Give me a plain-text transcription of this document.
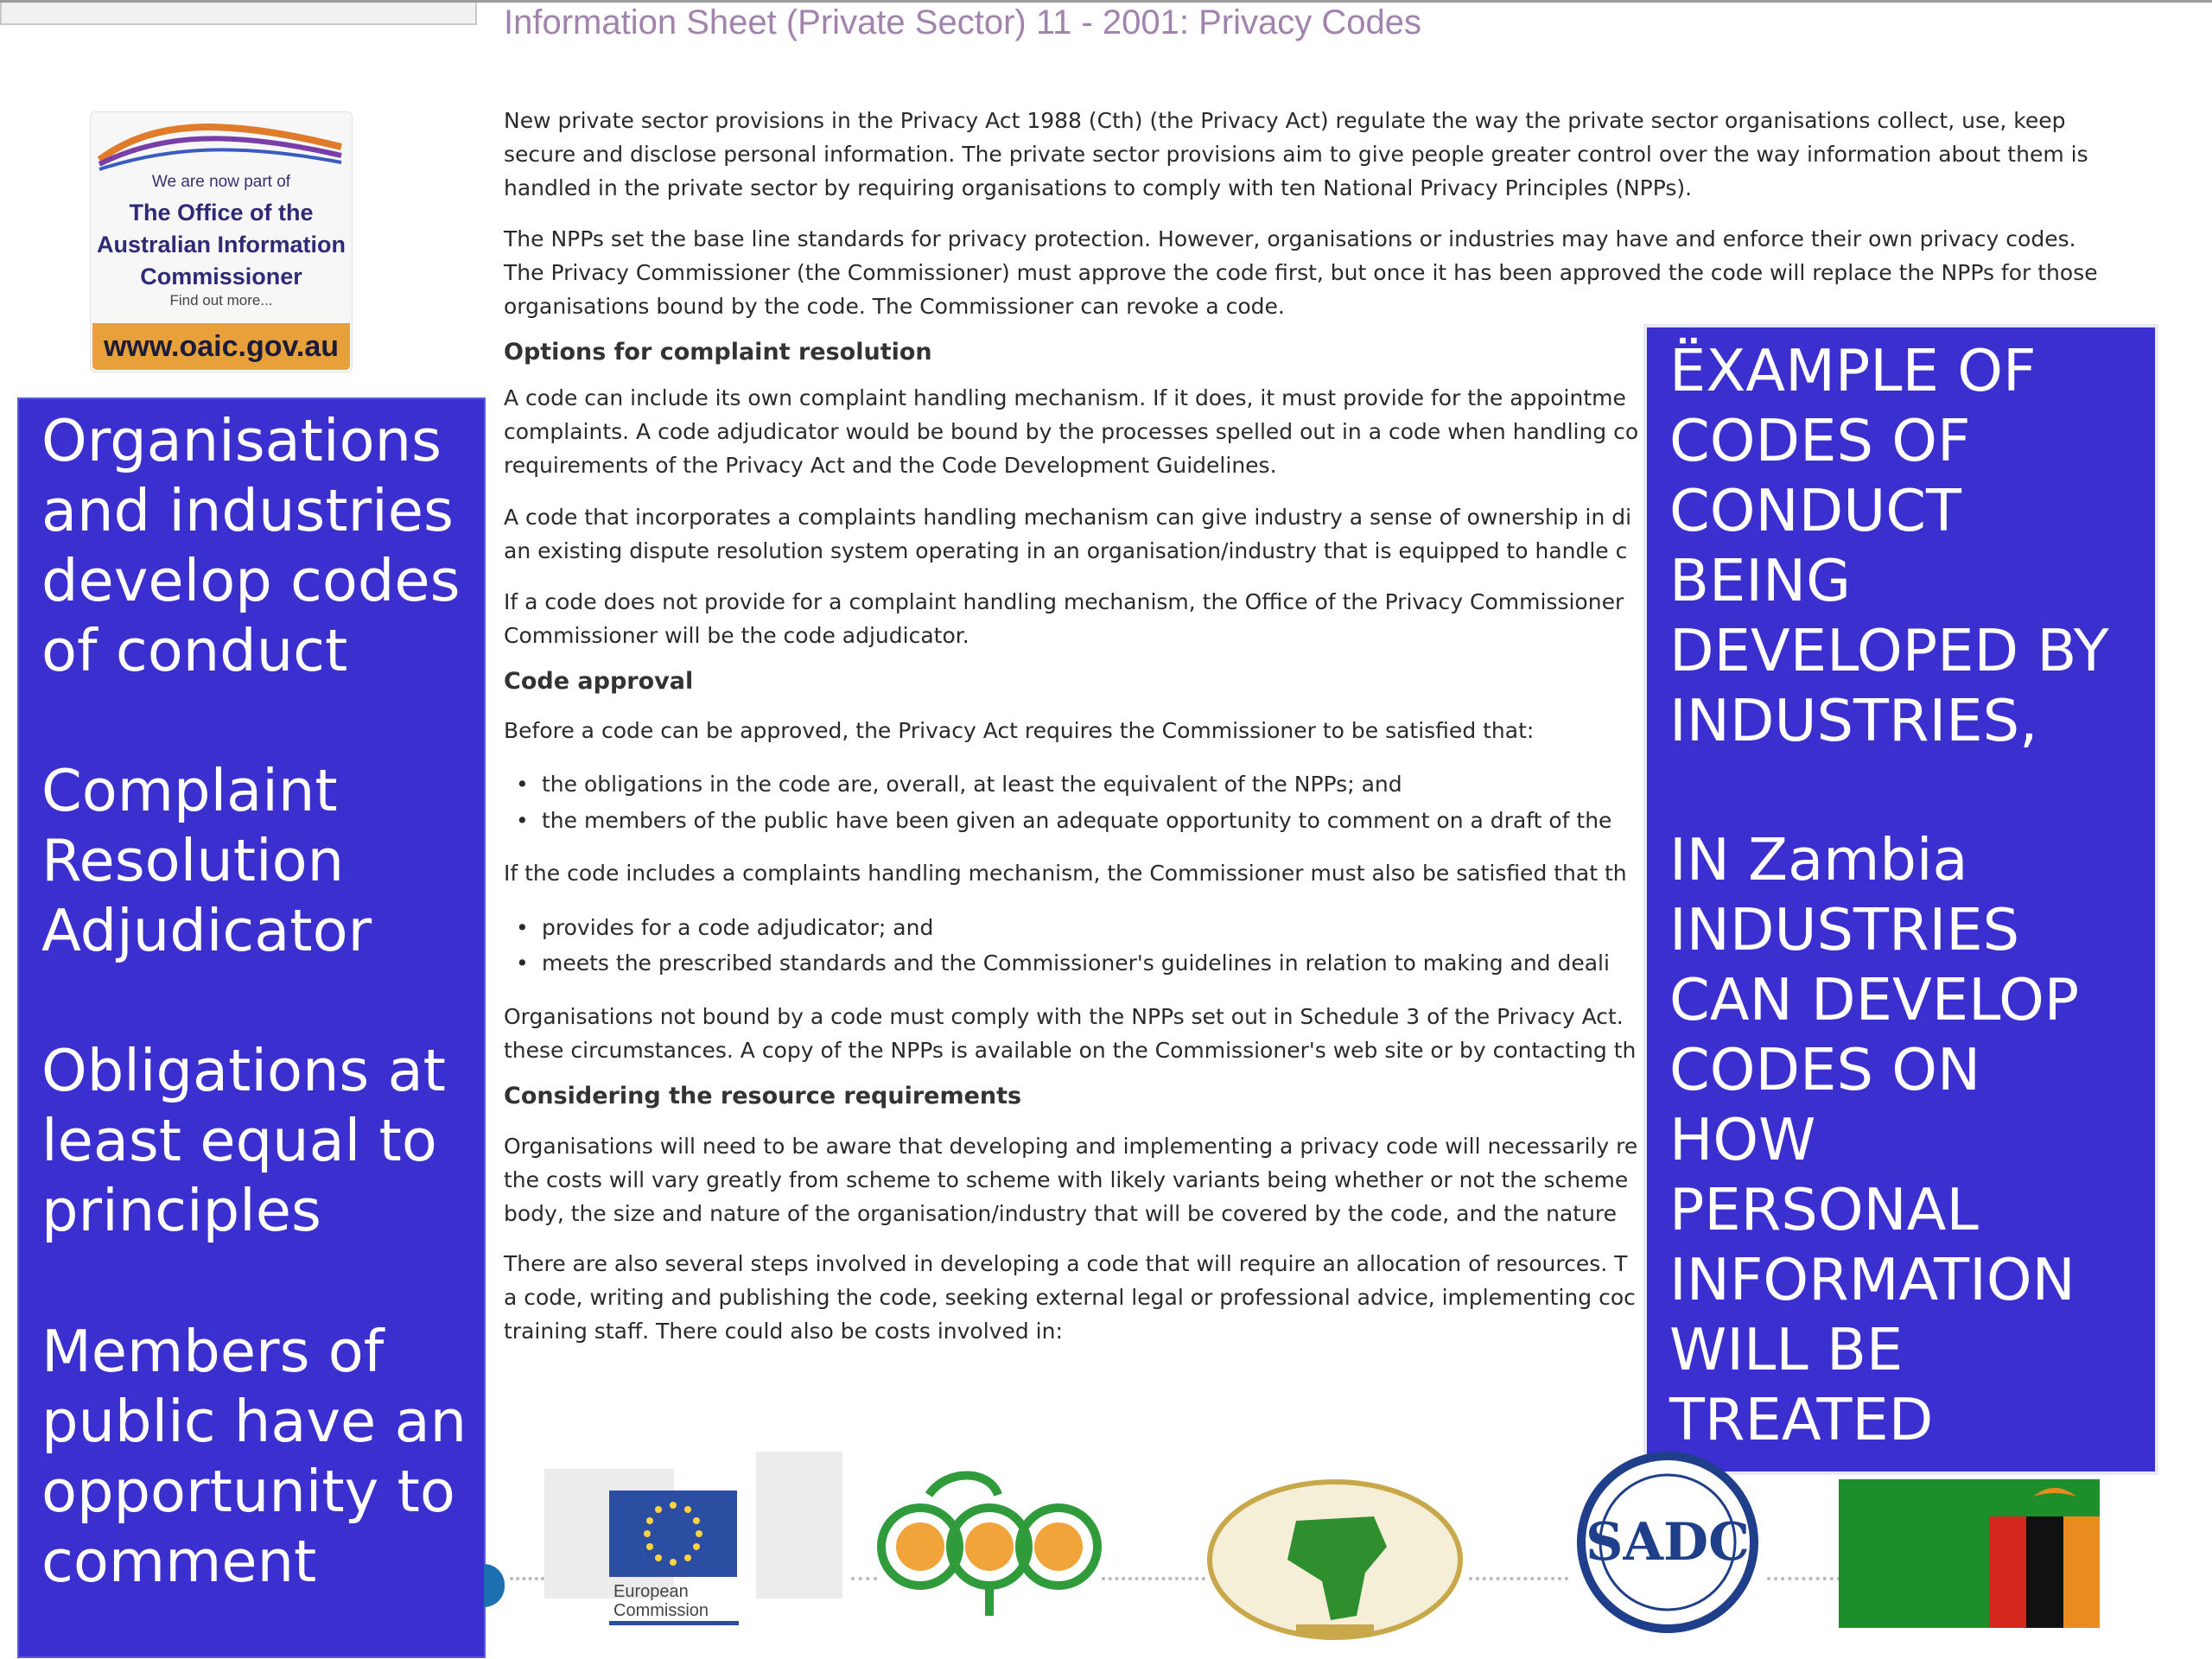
Information Sheet (Private Sector) 11 - 2001: Privacy Codes
We are now part of
The Office of the
Australian Information
Commissioner
Find out more...
www.oaic.gov.au
Organisations
and industries
develop codes
of conduct
Complaint
Resolution
Adjudicator
Obligations at
least equal to
principles
Members of
public have an
opportunity to
comment
New private sector provisions in the Privacy Act 1988 (Cth) (the Privacy Act) regulate the way the private sector organisations collect, use, keep
secure and disclose personal information. The private sector provisions aim to give people greater control over the way information about them is
handled in the private sector by requiring organisations to comply with ten National Privacy Principles (NPPs).
The NPPs set the base line standards for privacy protection. However, organisations or industries may have and enforce their own privacy codes.
The Privacy Commissioner (the Commissioner) must approve the code first, but once it has been approved the code will replace the NPPs for those
organisations bound by the code. The Commissioner can revoke a code.
Options for complaint resolution
A code can include its own complaint handling mechanism. If it does, it must provide for the appointme
complaints. A code adjudicator would be bound by the processes spelled out in a code when handling co
requirements of the Privacy Act and the Code Development Guidelines.
A code that incorporates a complaints handling mechanism can give industry a sense of ownership in di
an existing dispute resolution system operating in an organisation/industry that is equipped to handle c
If a code does not provide for a complaint handling mechanism, the Office of the Privacy Commissioner
Commissioner will be the code adjudicator.
Code approval
Before a code can be approved, the Privacy Act requires the Commissioner to be satisfied that:
• the obligations in the code are, overall, at least the equivalent of the NPPs; and
• the members of the public have been given an adequate opportunity to comment on a draft of the
If the code includes a complaints handling mechanism, the Commissioner must also be satisfied that th
• provides for a code adjudicator; and
• meets the prescribed standards and the Commissioner's guidelines in relation to making and deali
Organisations not bound by a code must comply with the NPPs set out in Schedule 3 of the Privacy Act.
these circumstances. A copy of the NPPs is available on the Commissioner's web site or by contacting th
Considering the resource requirements
Organisations will need to be aware that developing and implementing a privacy code will necessarily re
the costs will vary greatly from scheme to scheme with likely variants being whether or not the scheme
body, the size and nature of the organisation/industry that will be covered by the code, and the nature
There are also several steps involved in developing a code that will require an allocation of resources. T
a code, writing and publishing the code, seeking external legal or professional advice, implementing coc
training staff. There could also be costs involved in:
ËXAMPLE OF
CODES OF
CONDUCT
BEING
DEVELOPED BY
INDUSTRIES,
IN Zambia
INDUSTRIES
CAN DEVELOP
CODES ON
HOW
PERSONAL
INFORMATION
WILL BE
TREATED
European
Commission
SADC
